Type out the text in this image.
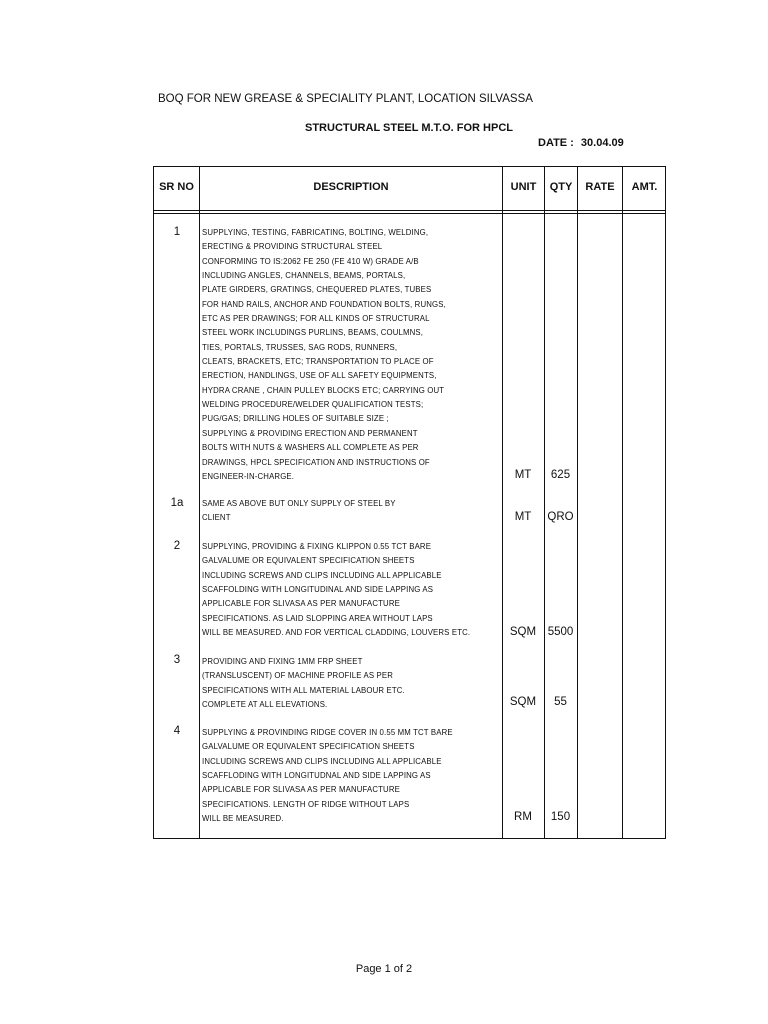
BOQ FOR NEW GREASE & SPECIALITY PLANT, LOCATION SILVASSA
STRUCTURAL STEEL M.T.O. FOR HPCL
DATE : 30.04.09
SR NO	DESCRIPTION	UNIT	QTY	RATE	AMT.
1	SUPPLYING, TESTING, FABRICATING, BOLTING, WELDING,
ERECTING & PROVIDING STRUCTURAL STEEL
CONFORMING TO IS:2062 FE 250 (FE 410 W) GRADE A/B
INCLUDING ANGLES, CHANNELS, BEAMS, PORTALS,
PLATE GIRDERS, GRATINGS, CHEQUERED PLATES, TUBES
FOR HAND RAILS, ANCHOR AND FOUNDATION BOLTS, RUNGS,
ETC AS PER DRAWINGS; FOR ALL KINDS OF STRUCTURAL
STEEL WORK INCLUDINGS PURLINS, BEAMS, COULMNS,
TIES, PORTALS, TRUSSES, SAG RODS, RUNNERS,
CLEATS, BRACKETS, ETC; TRANSPORTATION TO PLACE OF
ERECTION, HANDLINGS, USE OF ALL SAFETY EQUIPMENTS,
HYDRA CRANE , CHAIN PULLEY BLOCKS ETC; CARRYING OUT
WELDING PROCEDURE/WELDER QUALIFICATION TESTS;
PUG/GAS; DRILLING HOLES OF SUITABLE SIZE ;
SUPPLYING & PROVIDING ERECTION AND PERMANENT
BOLTS WITH NUTS & WASHERS ALL COMPLETE AS PER
DRAWINGS, HPCL SPECIFICATION AND INSTRUCTIONS OF
ENGINEER-IN-CHARGE.	MT	625
1a	SAME AS ABOVE BUT ONLY SUPPLY OF STEEL BY
CLIENT	MT	QRO
2	SUPPLYING, PROVIDING & FIXING KLIPPON 0.55 TCT BARE
GALVALUME OR EQUIVALENT SPECIFICATION SHEETS
INCLUDING SCREWS AND CLIPS INCLUDING ALL APPLICABLE
SCAFFOLDING WITH LONGITUDINAL AND SIDE LAPPING AS
APPLICABLE FOR SLIVASA AS PER MANUFACTURE
SPECIFICATIONS. AS LAID SLOPPING AREA WITHOUT LAPS
WILL BE MEASURED. AND FOR VERTICAL CLADDING, LOUVERS ETC.	SQM	5500
3	PROVIDING AND FIXING 1MM FRP SHEET
(TRANSLUSCENT) OF MACHINE PROFILE AS PER
SPECIFICATIONS WITH ALL MATERIAL LABOUR ETC.
COMPLETE AT ALL ELEVATIONS.	SQM	55
4	SUPPLYING & PROVINDING RIDGE COVER IN 0.55 MM TCT BARE
GALVALUME OR EQUIVALENT SPECIFICATION SHEETS
INCLUDING SCREWS AND CLIPS INCLUDING ALL APPLICABLE
SCAFFLODING WITH LONGITUDNAL AND SIDE LAPPING AS
APPLICABLE FOR SLIVASA AS PER MANUFACTURE
SPECIFICATIONS. LENGTH OF RIDGE WITHOUT LAPS
WILL BE MEASURED.	RM	150
Page 1 of 2
